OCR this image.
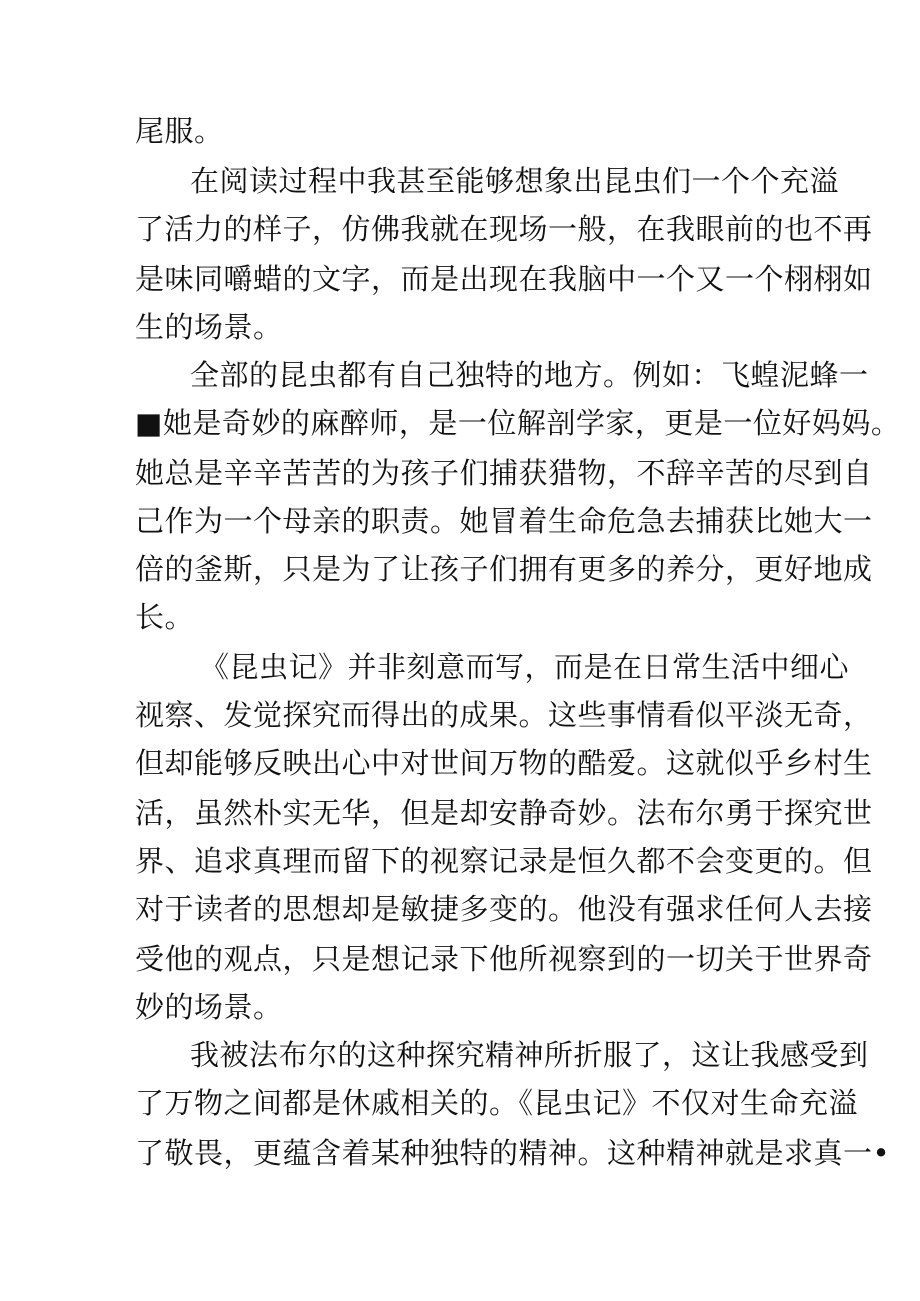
尾服。
在阅读过程中我甚至能够想象出昆虫们一个个充溢
了活力的样子，仿佛我就在现场一般，在我眼前的也不再
是味同嚼蜡的文字，而是出现在我脑中一个又一个栩栩如
生的场景。
全部的昆虫都有自己独特的地方。例如：飞蝗泥蜂一
■她是奇妙的麻醉师，是一位解剖学家，更是一位好妈妈。
她总是辛辛苦苦的为孩子们捕获猎物，不辞辛苦的尽到自
己作为一个母亲的职责。她冒着生命危急去捕获比她大一
倍的釜斯，只是为了让孩子们拥有更多的养分，更好地成
长。
《昆虫记》并非刻意而写，而是在日常生活中细心
视察、发觉探究而得出的成果。这些事情看似平淡无奇，
但却能够反映出心中对世间万物的酷爱。这就似乎乡村生
活，虽然朴实无华，但是却安静奇妙。法布尔勇于探究世
界、追求真理而留下的视察记录是恒久都不会变更的。但
对于读者的思想却是敏捷多变的。他没有强求任何人去接
受他的观点，只是想记录下他所视察到的一切关于世界奇
妙的场景。
我被法布尔的这种探究精神所折服了，这让我感受到
了万物之间都是休戚相关的。《昆虫记》不仅对生命充溢
了敬畏，更蕴含着某种独特的精神。这种精神就是求真一•
